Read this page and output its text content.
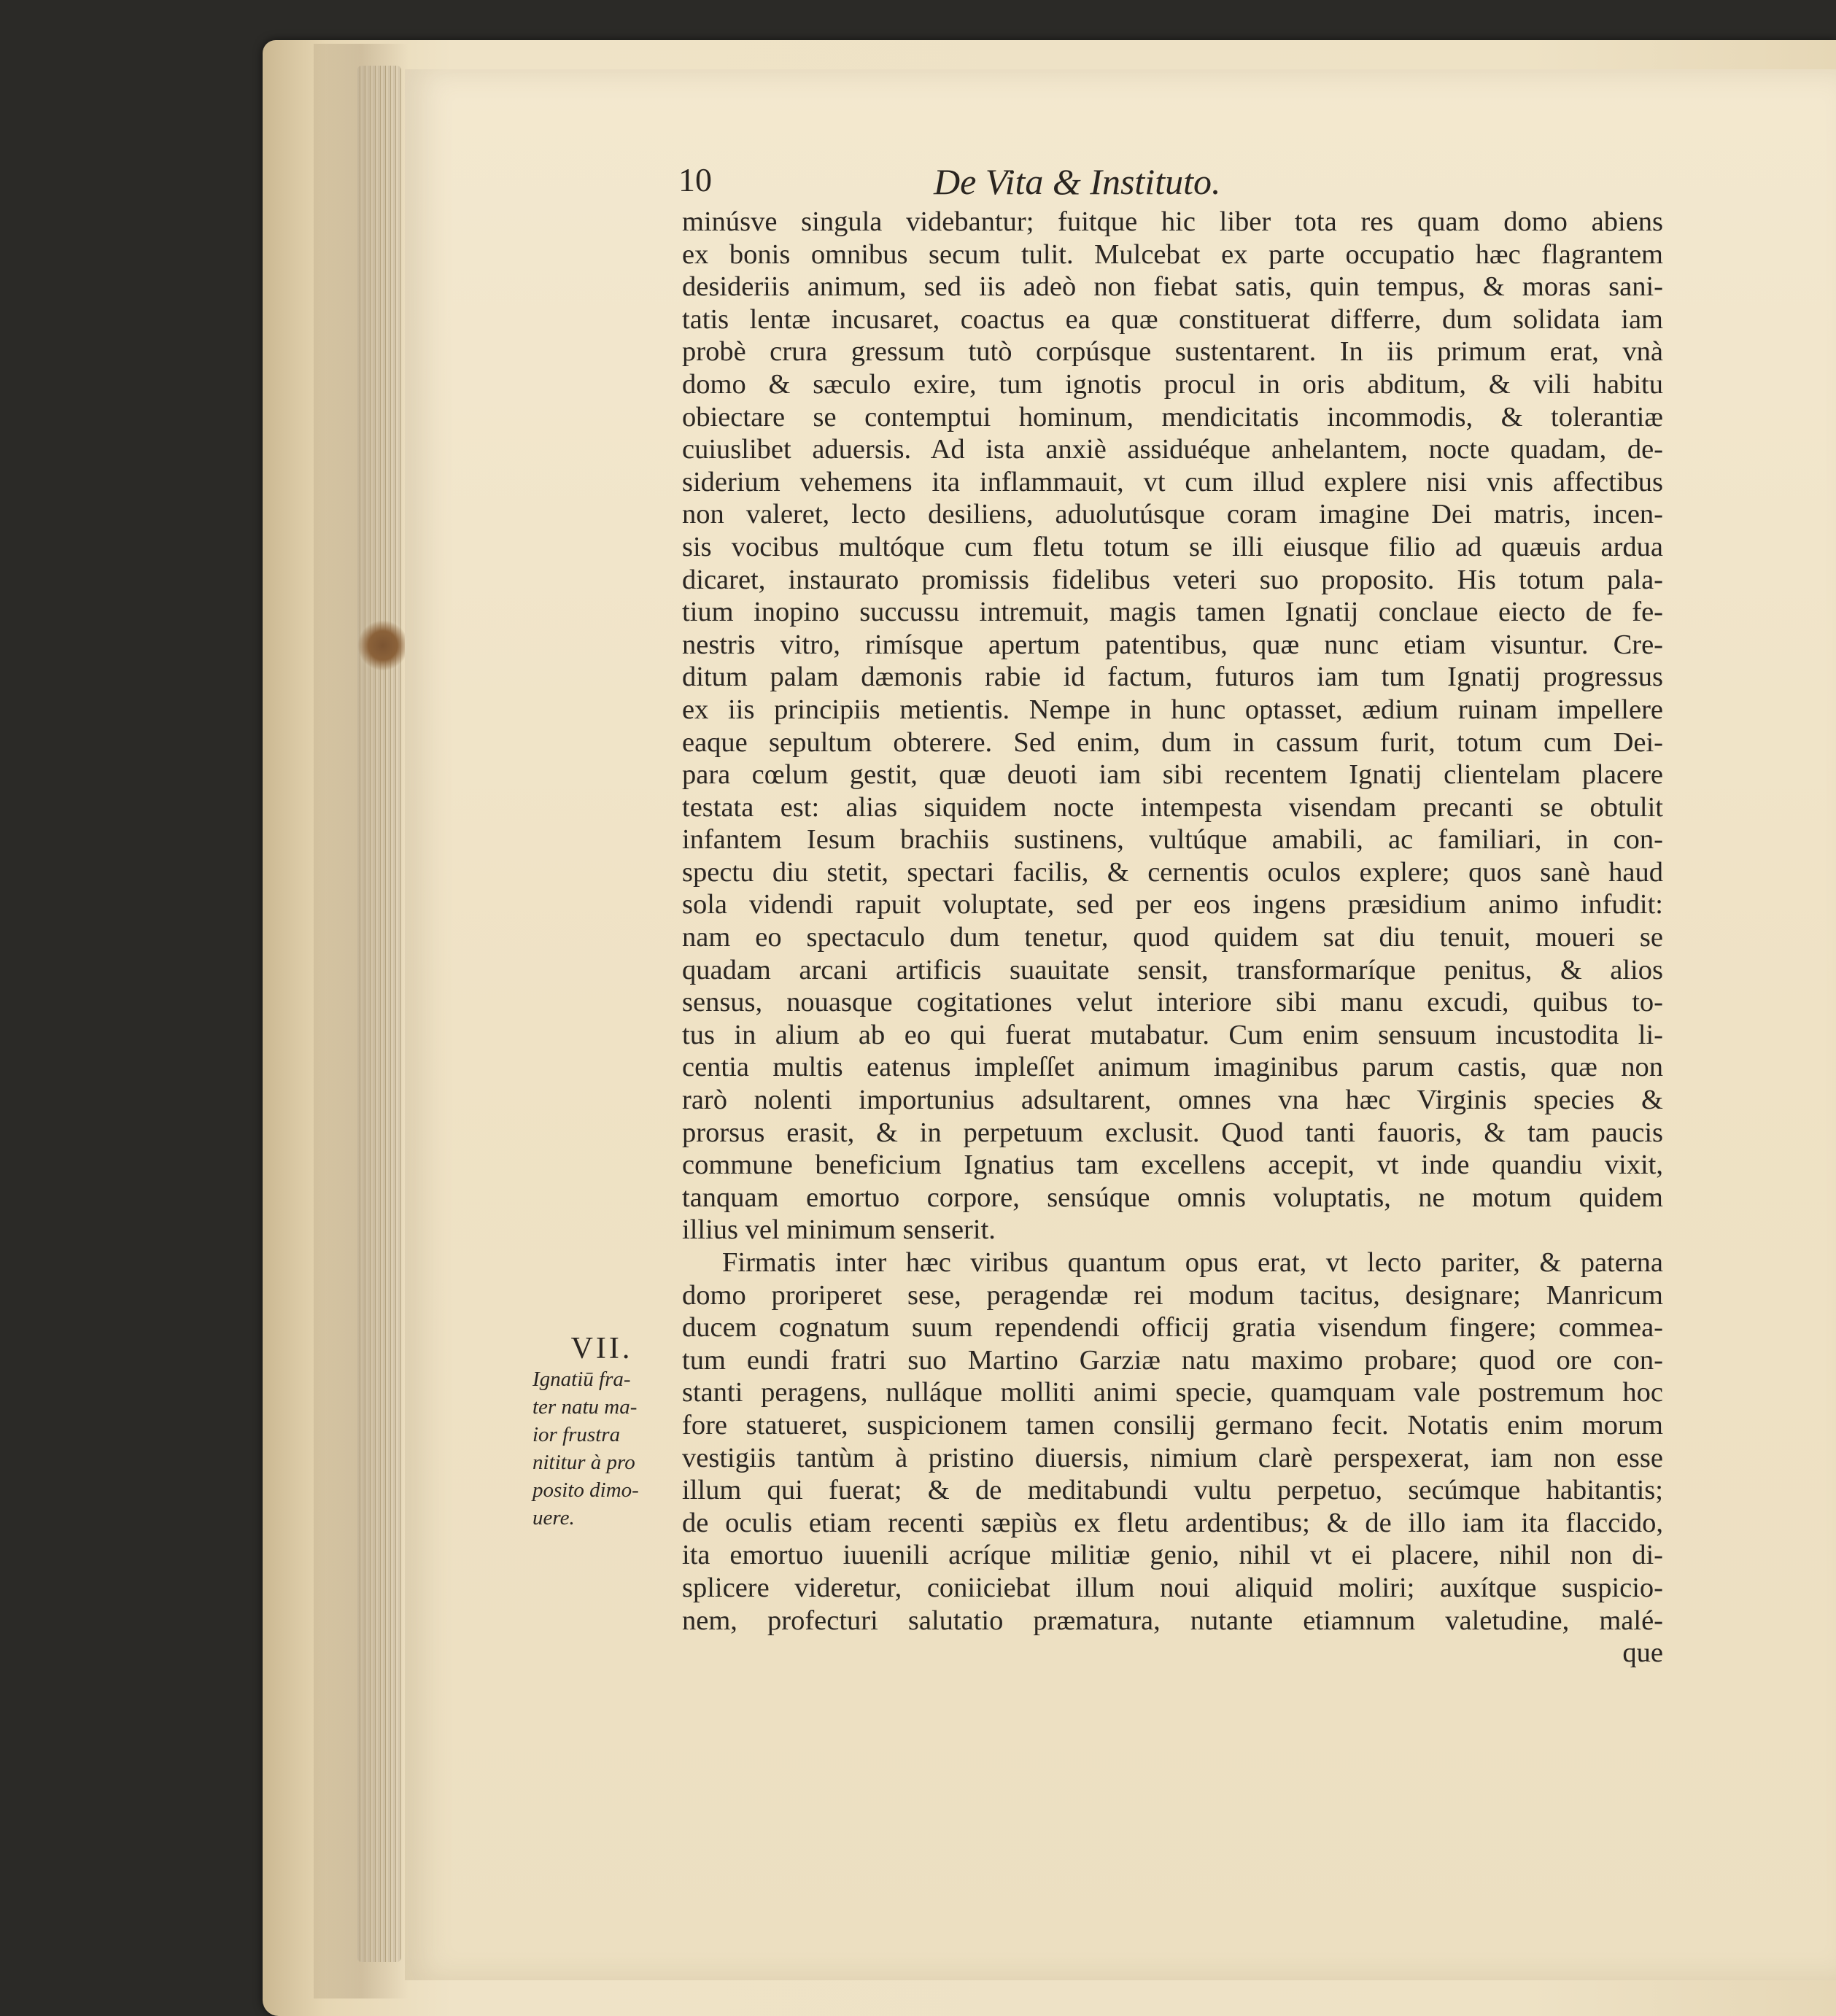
10	De Vita & Instituto.
VII.
Ignatiū fra-
ter natu ma-
ior frustra
nititur à pro
posito dimo-
uere.
minúsve singula videbantur; fuitque hic liber tota res quam domo abiens
ex bonis omnibus secum tulit. Mulcebat ex parte occupatio hæc flagrantem
desideriis animum, sed iis adeò non fiebat satis, quin tempus, & moras sani-
tatis lentæ incusaret, coactus ea quæ constituerat differre, dum solidata iam
probè crura gressum tutò corpúsque sustentarent. In iis primum erat, vnà
domo & sæculo exire, tum ignotis procul in oris abditum, & vili habitu
obiectare se contemptui hominum, mendicitatis incommodis, & tolerantiæ
cuiuslibet aduersis. Ad ista anxiè assiduéque anhelantem, nocte quadam, de-
siderium vehemens ita inflammauit, vt cum illud explere nisi vnis affectibus
non valeret, lecto desiliens, aduolutúsque coram imagine Dei matris, incen-
sis vocibus multóque cum fletu totum se illi eiusque filio ad quæuis ardua
dicaret, instaurato promissis fidelibus veteri suo proposito. His totum pala-
tium inopino succussu intremuit, magis tamen Ignatij conclaue eiecto de fe-
nestris vitro, rimísque apertum patentibus, quæ nunc etiam visuntur. Cre-
ditum palam dæmonis rabie id factum, futuros iam tum Ignatij progressus
ex iis principiis metientis. Nempe in hunc optasset, ædium ruinam impellere
eaque sepultum obterere. Sed enim, dum in cassum furit, totum cum Dei-
para cœlum gestit, quæ deuoti iam sibi recentem Ignatij clientelam placere
testata est: alias siquidem nocte intempesta visendam precanti se obtulit
infantem Iesum brachiis sustinens, vultúque amabili, ac familiari, in con-
spectu diu stetit, spectari facilis, & cernentis oculos explere; quos sanè haud
sola videndi rapuit voluptate, sed per eos ingens præsidium animo infudit:
nam eo spectaculo dum tenetur, quod quidem sat diu tenuit, moueri se
quadam arcani artificis suauitate sensit, transformaríque penitus, & alios
sensus, nouasque cogitationes velut interiore sibi manu excudi, quibus to-
tus in alium ab eo qui fuerat mutabatur. Cum enim sensuum incustodita li-
centia multis eatenus impleſſet animum imaginibus parum castis, quæ non
rarò nolenti importunius adsultarent, omnes vna hæc Virginis species &
prorsus erasit, & in perpetuum exclusit. Quod tanti fauoris, & tam paucis
commune beneficium Ignatius tam excellens accepit, vt inde quandiu vixit,
tanquam emortuo corpore, sensúque omnis voluptatis, ne motum quidem
illius vel minimum senserit.
Firmatis inter hæc viribus quantum opus erat, vt lecto pariter, & paterna
domo proriperet sese, peragendæ rei modum tacitus, designare; Manricum
ducem cognatum suum rependendi officij gratia visendum fingere; commea-
tum eundi fratri suo Martino Garziæ natu maximo probare; quod ore con-
stanti peragens, nulláque molliti animi specie, quamquam vale postremum hoc
fore statueret, suspicionem tamen consilij germano fecit. Notatis enim morum
vestigiis tantùm à pristino diuersis, nimium clarè perspexerat, iam non esse
illum qui fuerat; & de meditabundi vultu perpetuo, secúmque habitantis;
de oculis etiam recenti sæpiùs ex fletu ardentibus; & de illo iam ita flaccido,
ita emortuo iuuenili acríque militiæ genio, nihil vt ei placere, nihil non di-
splicere videretur, coniiciebat illum noui aliquid moliri; auxítque suspicio-
nem, profecturi salutatio præmatura, nutante etiamnum valetudine, malé-
que
